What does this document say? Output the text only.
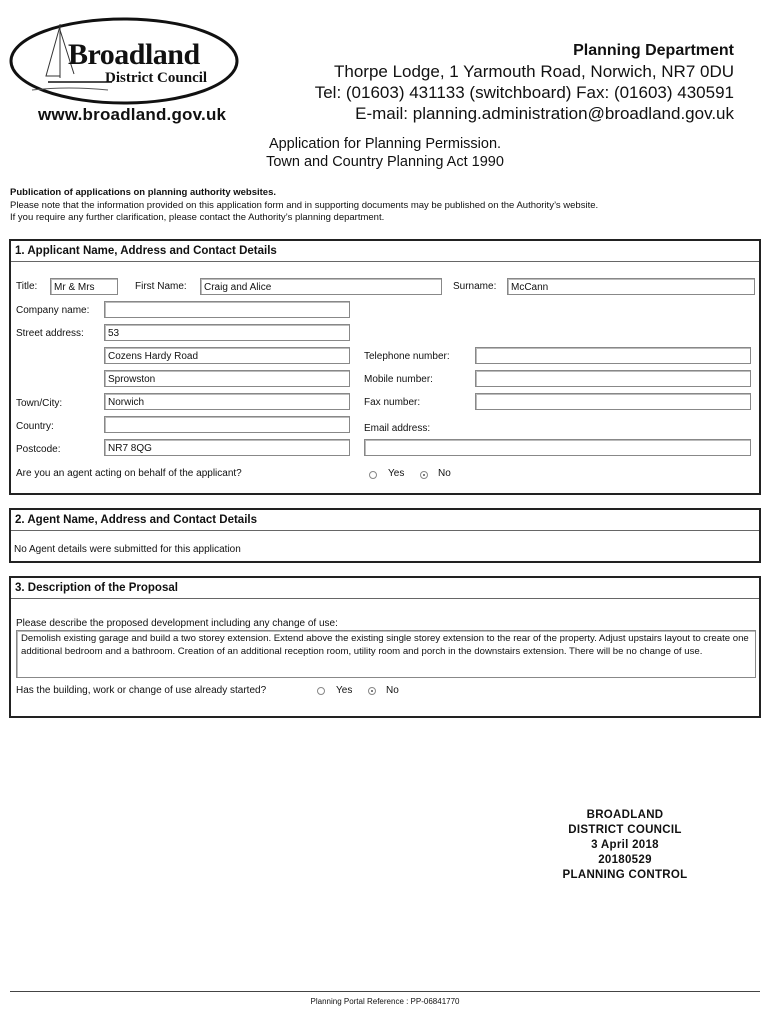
Broadland
District Council
www.broadland.gov.uk
Planning Department
Thorpe Lodge, 1 Yarmouth Road, Norwich, NR7 0DU
Tel: (01603) 431133 (switchboard) Fax: (01603) 430591
E-mail: planning.administration@broadland.gov.uk
Application for Planning Permission.
Town and Country Planning Act 1990
Publication of applications on planning authority websites.
Please note that the information provided on this application form and in supporting documents may be published on the Authority’s website.
If you require any further clarification, please contact the Authority’s planning department.
1. Applicant Name, Address and Contact Details
Title:	Mr & Mrs	First Name:	Craig and Alice	Surname:	McCann
Company name:
Street address:	53
Cozens Hardy Road
Sprowston
Town/City:	Norwich
Country:
Postcode:	NR7 8QG
Telephone number:
Mobile number:
Fax number:
Email address:
Are you an agent acting on behalf of the applicant?	Yes	No
2. Agent Name, Address and Contact Details
No Agent details were submitted for this application
3. Description of the Proposal
Please describe the proposed development including any change of use:
Demolish existing garage and build a two storey extension. Extend above the existing single storey extension to the rear of the property. Adjust upstairs layout to create one additional bedroom and a bathroom. Creation of an additional reception room, utility room and porch in the downstairs extension. There will be no change of use.
Has the building, work or change of use already started?	Yes	No
BROADLAND
DISTRICT COUNCIL
3 April 2018
20180529
PLANNING CONTROL
Planning Portal Reference : PP-06841770
